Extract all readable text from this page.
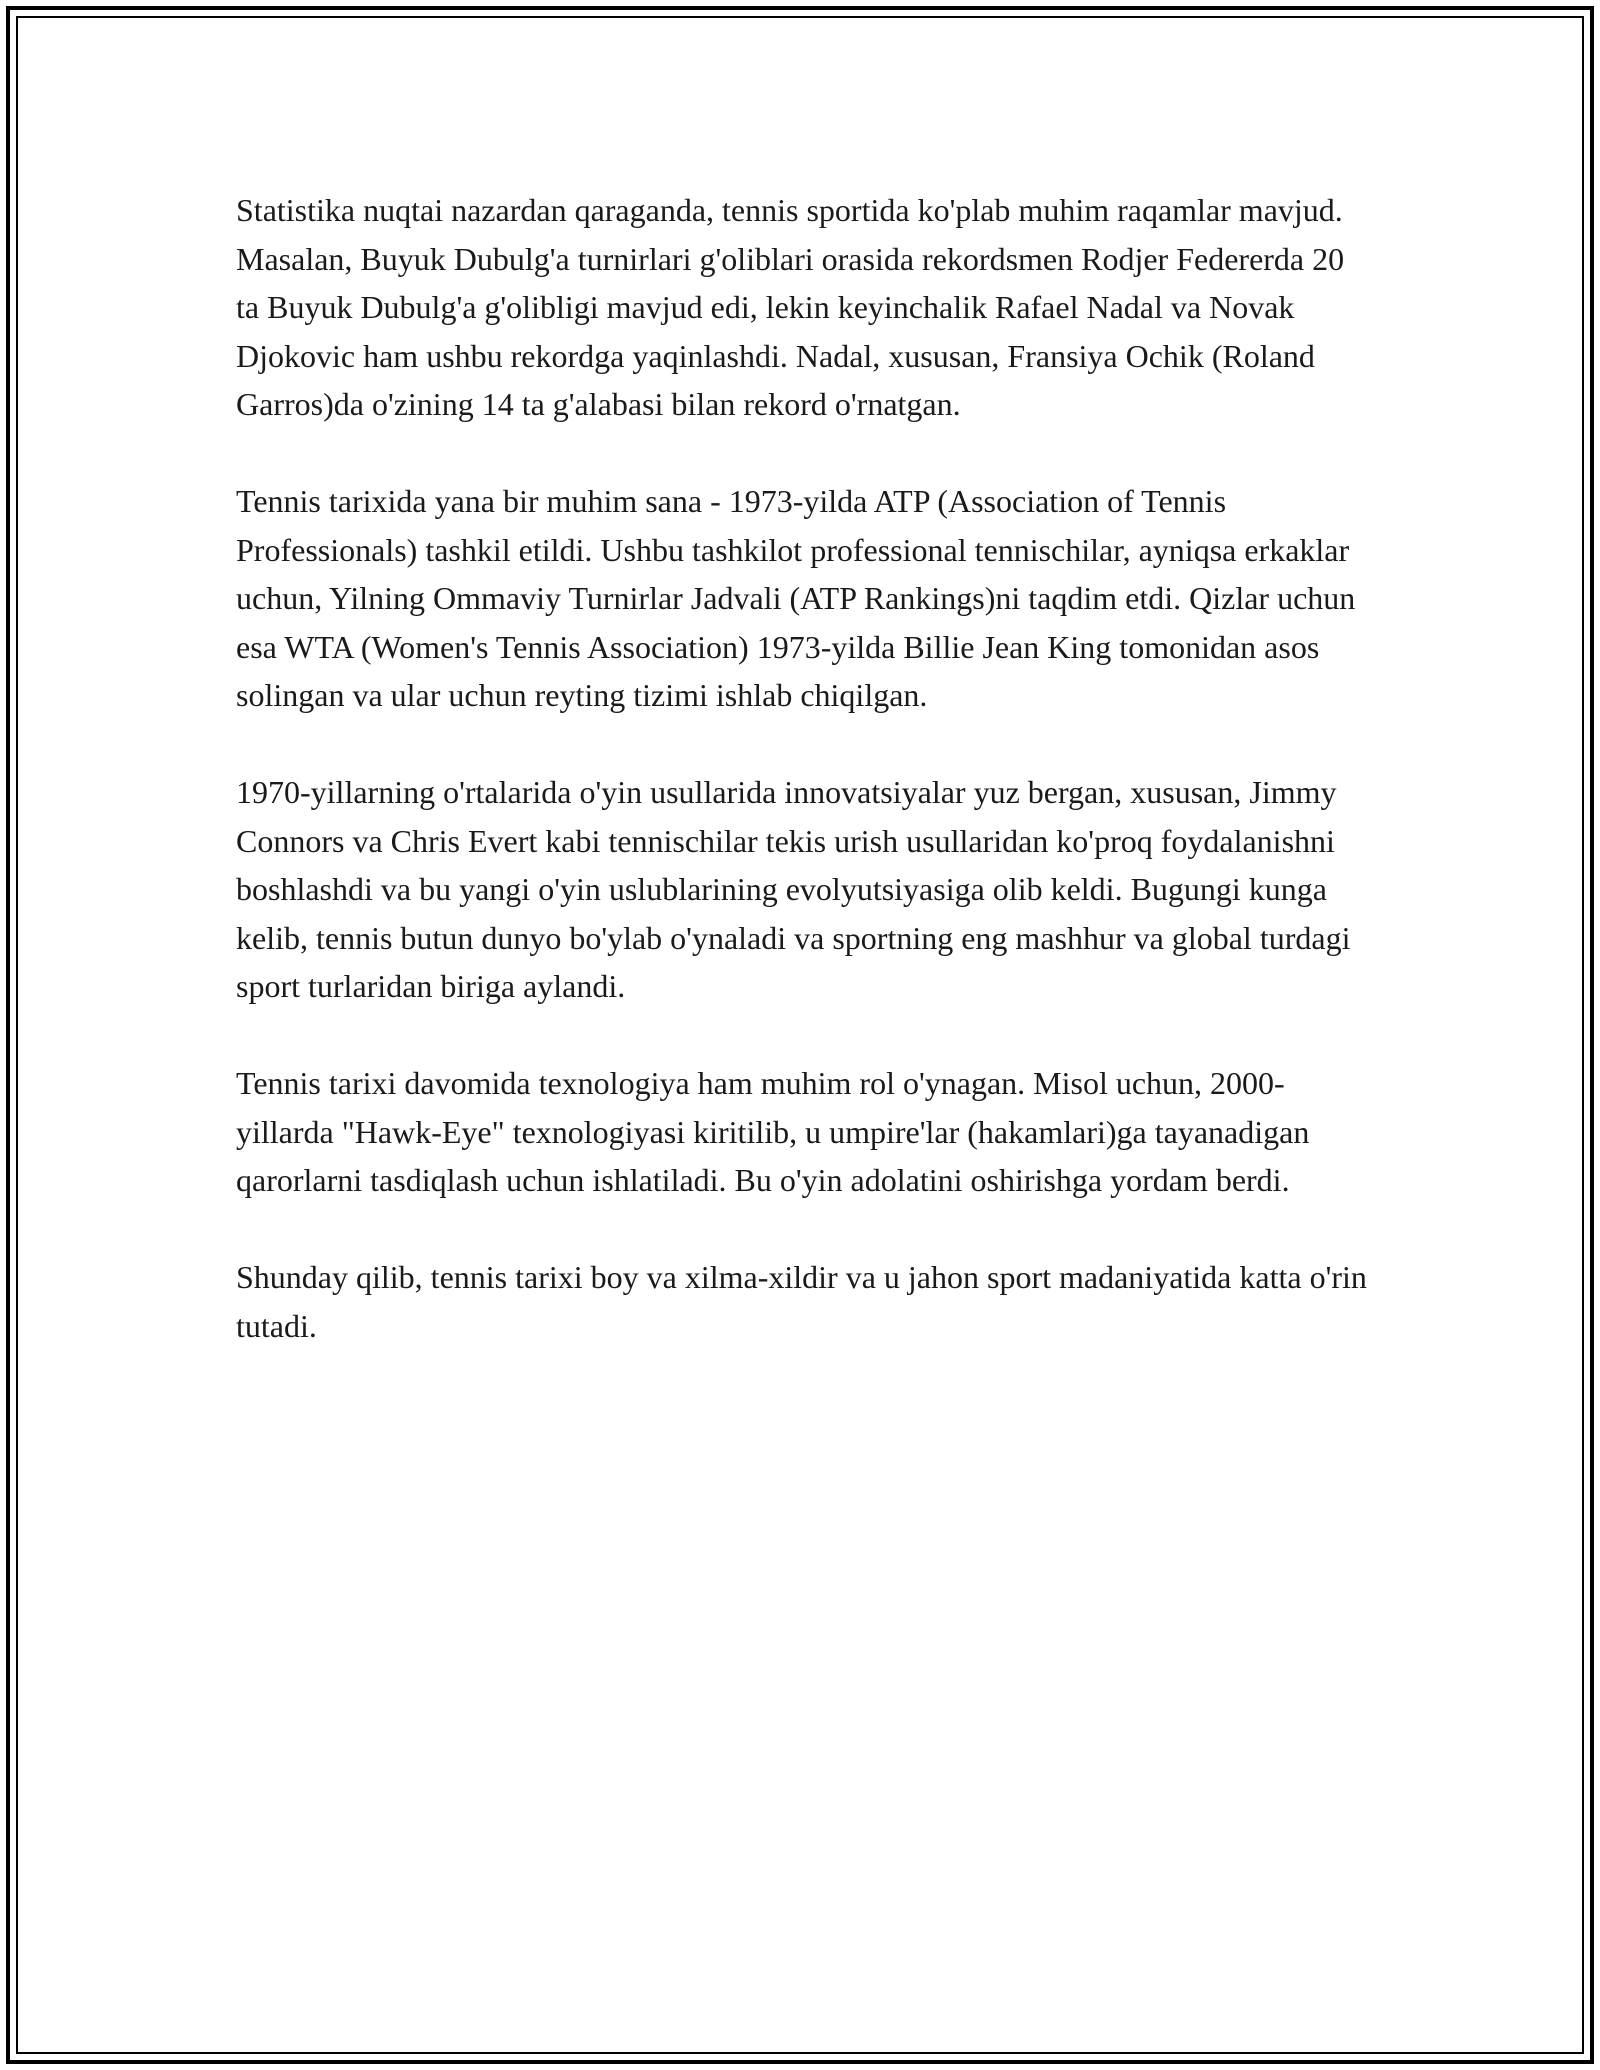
Statistika nuqtai nazardan qaraganda, tennis sportida ko'plab muhim raqamlar mavjud. Masalan, Buyuk Dubulg'a turnirlari g'oliblari orasida rekordsmen Rodjer Federerda 20 ta Buyuk Dubulg'a g'olibligi mavjud edi, lekin keyinchalik Rafael Nadal va Novak Djokovic ham ushbu rekordga yaqinlashdi. Nadal, xususan, Fransiya Ochik (Roland Garros)da o'zining 14 ta g'alabasi bilan rekord o'rnatgan.

Tennis tarixida yana bir muhim sana - 1973-yilda ATP (Association of Tennis Professionals) tashkil etildi. Ushbu tashkilot professional tennischilar, ayniqsa erkaklar uchun, Yilning Ommaviy Turnirlar Jadvali (ATP Rankings)ni taqdim etdi. Qizlar uchun esa WTA (Women's Tennis Association) 1973-yilda Billie Jean King tomonidan asos solingan va ular uchun reyting tizimi ishlab chiqilgan.

1970-yillarning o'rtalarida o'yin usullarida innovatsiyalar yuz bergan, xususan, Jimmy Connors va Chris Evert kabi tennischilar tekis urish usullaridan ko'proq foydalanishni boshlashdi va bu yangi o'yin uslublarining evolyutsiyasiga olib keldi. Bugungi kunga kelib, tennis butun dunyo bo'ylab o'ynaladi va sportning eng mashhur va global turdagi sport turlaridan biriga aylandi.

Tennis tarixi davomida texnologiya ham muhim rol o'ynagan. Misol uchun, 2000-yillarda "Hawk-Eye" texnologiyasi kiritilib, u umpire'lar (hakamlari)ga tayanadigan qarorlarni tasdiqlash uchun ishlatiladi. Bu o'yin adolatini oshirishga yordam berdi.

Shunday qilib, tennis tarixi boy va xilma-xildir va u jahon sport madaniyatida katta o'rin tutadi.
